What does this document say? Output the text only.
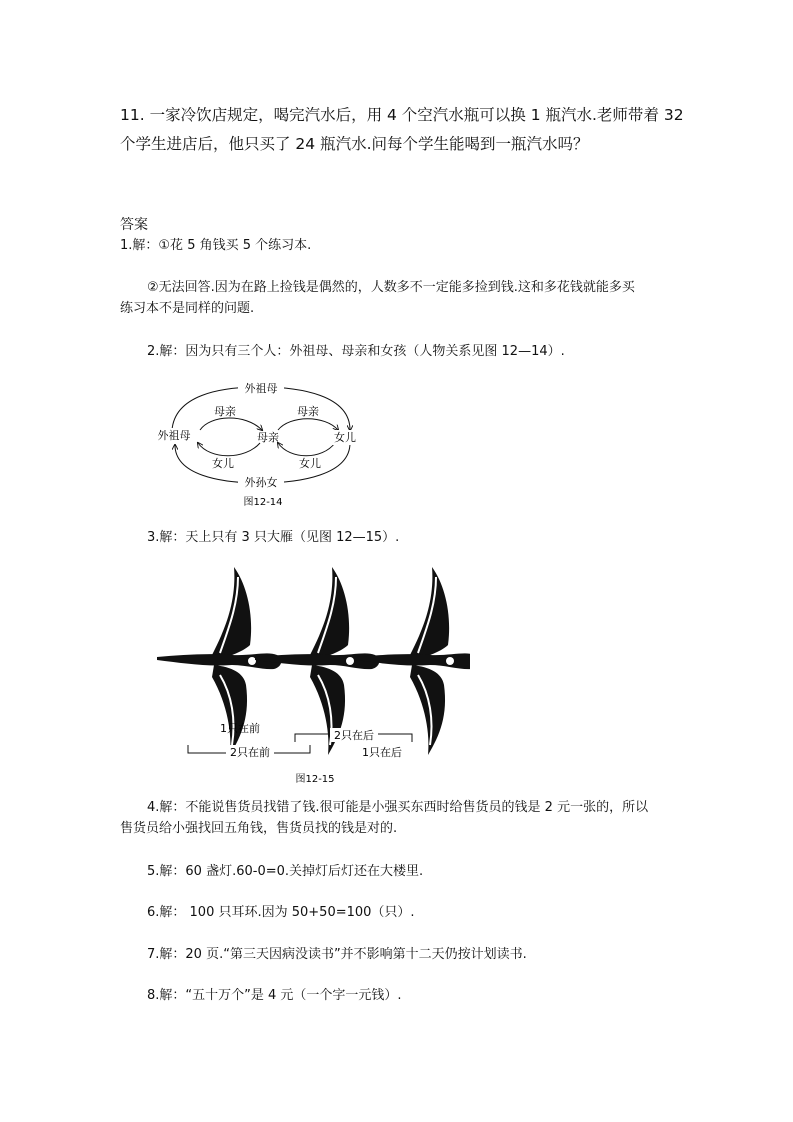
11. 一家冷饮店规定，喝完汽水后，用 4 个空汽水瓶可以换 1 瓶汽水.老师带着 32
个学生进店后，他只买了 24 瓶汽水.问每个学生能喝到一瓶汽水吗？
答案
1.解：①花 5 角钱买 5 个练习本.
②无法回答.因为在路上捡钱是偶然的，人数多不一定能多捡到钱.这和多花钱就能多买
练习本不是同样的问题.
2.解：因为只有三个人：外祖母、母亲和女孩（人物关系见图 12—14）.
外祖母
母亲	母亲
外祖母	母亲	女儿
女儿	女儿
外孙女
图12-14
3.解：天上只有 3 只大雁（见图 12—15）.
1只在前
2只在前
2只在后
1只在后
图12-15
4.解：不能说售货员找错了钱.很可能是小强买东西时给售货员的钱是 2 元一张的，所以
售货员给小强找回五角钱，售货员找的钱是对的.
5.解：60 盏灯.60-0=0.关掉灯后灯还在大楼里.
6.解： 100 只耳环.因为 50+50=100（只）.
7.解：20 页.“第三天因病没读书”并不影响第十二天仍按计划读书.
8.解：“五十万个”是 4 元（一个字一元钱）.
